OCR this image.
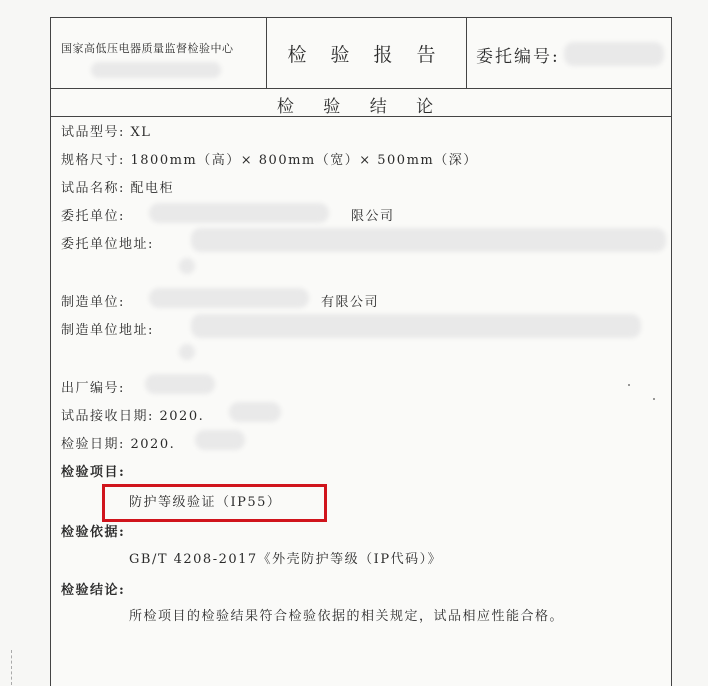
国家高低压电器质量监督检验中心	检 验 报 告	委托编号:
检 验 结 论
试品型号: XL
规格尺寸: 1800mm（高）× 800mm（宽）× 500mm（深）
试品名称: 配电柜
委托单位:	限公司
委托单位地址:
制造单位:	有限公司
制造单位地址:
出厂编号:
试品接收日期: 2020.
检验日期: 2020.
检验项目:
防护等级验证（IP55）
检验依据:
GB/T 4208-2017《外壳防护等级（IP代码）》
检验结论:
所检项目的检验结果符合检验依据的相关规定，试品相应性能合格。
